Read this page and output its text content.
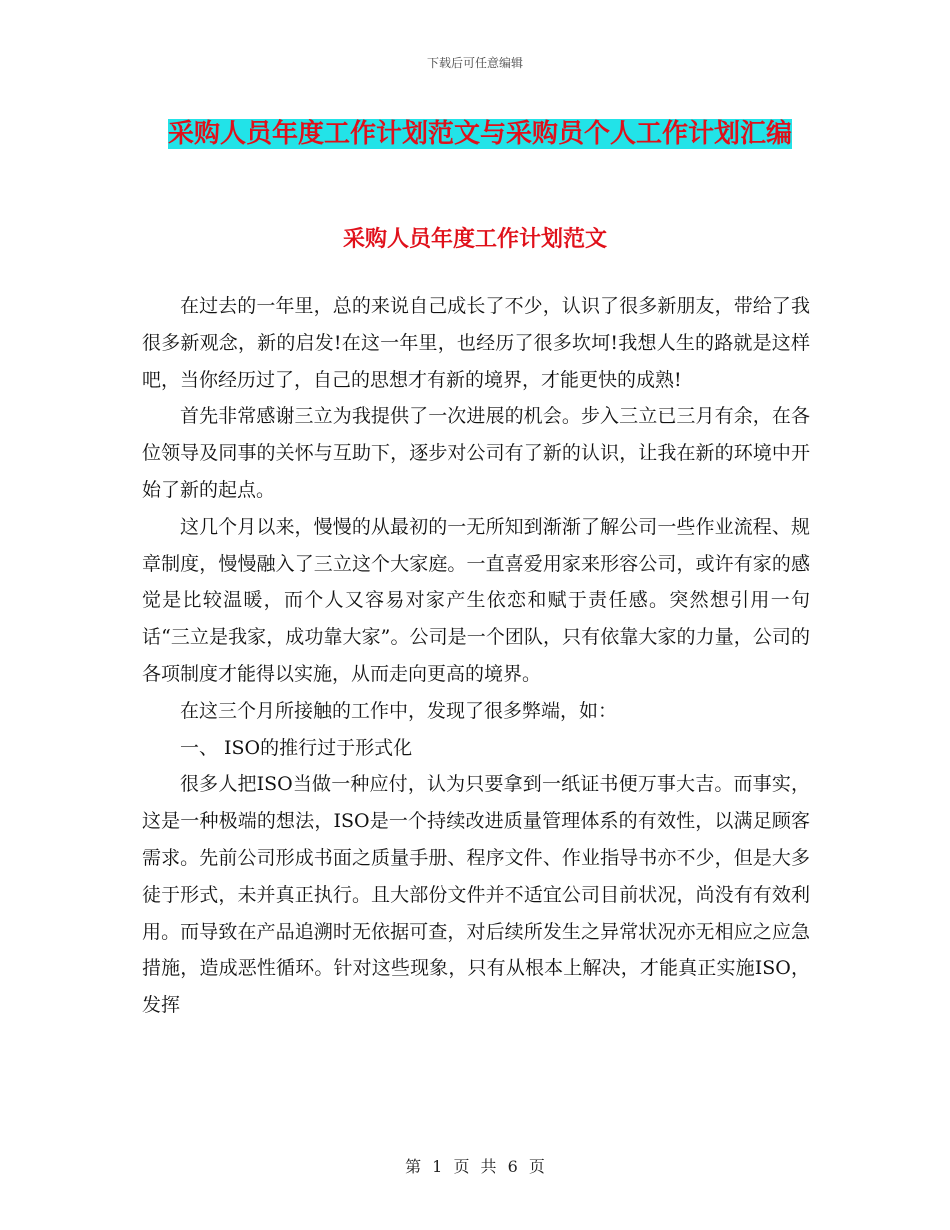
下载后可任意编辑
采购人员年度工作计划范文与采购员个人工作计划汇编
采购人员年度工作计划范文

在过去的一年里，总的来说自己成长了不少，认识了很多新朋友，带给了我很多新观念，新的启发!在这一年里，也经历了很多坎坷!我想人生的路就是这样吧，当你经历过了，自己的思想才有新的境界，才能更快的成熟!

首先非常感谢三立为我提供了一次进展的机会。步入三立已三月有余，在各位领导及同事的关怀与互助下，逐步对公司有了新的认识，让我在新的环境中开始了新的起点。

这几个月以来，慢慢的从最初的一无所知到渐渐了解公司一些作业流程、规章制度，慢慢融入了三立这个大家庭。一直喜爱用家来形容公司，或许有家的感觉是比较温暖，而个人又容易对家产生依恋和赋于责任感。突然想引用一句话“三立是我家，成功靠大家”。公司是一个团队，只有依靠大家的力量，公司的各项制度才能得以实施，从而走向更高的境界。

在这三个月所接触的工作中，发现了很多弊端，如：

一、 ISO的推行过于形式化

很多人把ISO当做一种应付，认为只要拿到一纸证书便万事大吉。而事实，这是一种极端的想法，ISO是一个持续改进质量管理体系的有效性，以满足顾客需求。先前公司形成书面之质量手册、程序文件、作业指导书亦不少，但是大多徒于形式，未并真正执行。且大部份文件并不适宜公司目前状况，尚没有有效利用。而导致在产品追溯时无依据可查，对后续所发生之异常状况亦无相应之应急措施，造成恶性循环。针对这些现象，只有从根本上解决，才能真正实施ISO，发挥

第 1 页 共 6 页
